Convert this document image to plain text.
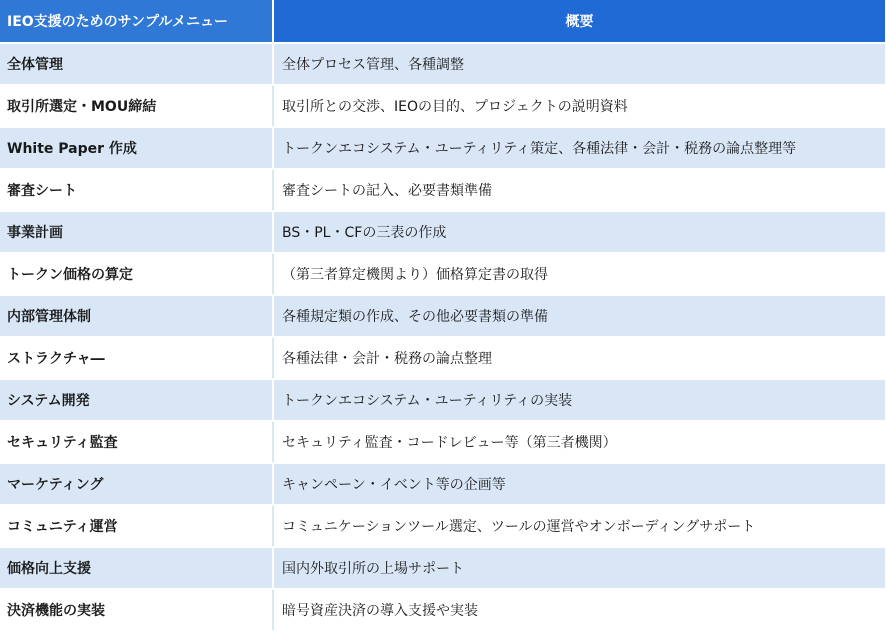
IEO支援のためのサンプルメニュー	概要
全体管理	全体プロセス管理、各種調整
取引所選定・MOU締結	取引所との交渉、IEOの目的、プロジェクトの説明資料
White Paper 作成	トークンエコシステム・ユーティリティ策定、各種法律・会計・税務の論点整理等
審査シート	審査シートの記入、必要書類準備
事業計画	BS・PL・CFの三表の作成
トークン価格の算定	（第三者算定機関より）価格算定書の取得
内部管理体制	各種規定類の作成、その他必要書類の準備
ストラクチャ―	各種法律・会計・税務の論点整理
システム開発	トークンエコシステム・ユーティリティの実装
セキュリティ監査	セキュリティ監査・コードレビュー等（第三者機関）
マーケティング	キャンペーン・イベント等の企画等
コミュニティ運営	コミュニケーションツール選定、ツールの運営やオンボーディングサポート
価格向上支援	国内外取引所の上場サポート
決済機能の実装	暗号資産決済の導入支援や実装
